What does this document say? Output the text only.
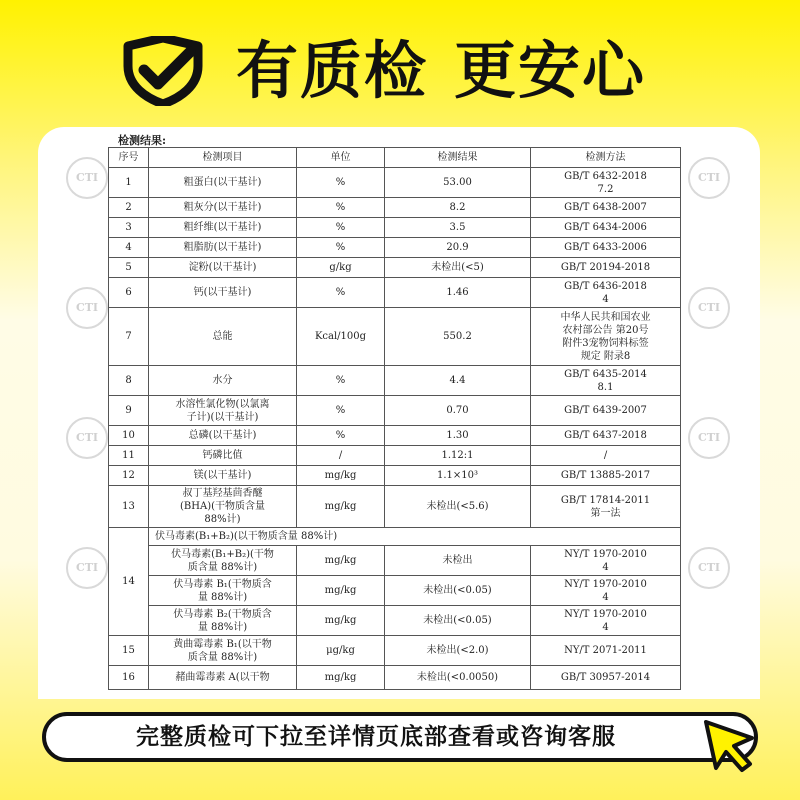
有质检 更安心
CTI	CTI
CTI	CTI
CTI	CTI
CTI	CTI
检测结果:
序号	检测项目	单位	检测结果	检测方法
1	粗蛋白(以干基计)	%	53.00	GB/T 6432-2018
7.2
2	粗灰分(以干基计)	%	8.2	GB/T 6438-2007
3	粗纤维(以干基计)	%	3.5	GB/T 6434-2006
4	粗脂肪(以干基计)	%	20.9	GB/T 6433-2006
5	淀粉(以干基计)	g/kg	未检出(<5)	GB/T 20194-2018
6	钙(以干基计)	%	1.46	GB/T 6436-2018
4
7	总能	Kcal/100g	550.2	中华人民共和国农业
农村部公告 第20号
附件3宠物饲料标签
规定 附录8
8	水分	%	4.4	GB/T 6435-2014
8.1
9	水溶性氯化物(以氯离
子计)(以干基计)	%	0.70	GB/T 6439-2007
10	总磷(以干基计)	%	1.30	GB/T 6437-2018
11	钙磷比值	/	1.12:1	/
12	镁(以干基计)	mg/kg	1.1×10³	GB/T 13885-2017
13	叔丁基羟基茴香醚
(BHA)(干物质含量
88%计)	mg/kg	未检出(<5.6)	GB/T 17814-2011
第一法
14	伏马毒素(B₁+B₂)(以干物质含量 88%计)			
	伏马毒素(B₁+B₂)(干物
质含量 88%计)	mg/kg	未检出	NY/T 1970-2010
4
	伏马毒素 B₁(干物质含
量 88%计)	mg/kg	未检出(<0.05)	NY/T 1970-2010
4
	伏马毒素 B₂(干物质含
量 88%计)	mg/kg	未检出(<0.05)	NY/T 1970-2010
4
15	黄曲霉毒素 B₁(以干物
质含量 88%计)	μg/kg	未检出(<2.0)	NY/T 2071-2011
16	赭曲霉毒素 A(以干物	mg/kg	未检出(<0.0050)	GB/T 30957-2014
完整质检可下拉至详情页底部查看或咨询客服
